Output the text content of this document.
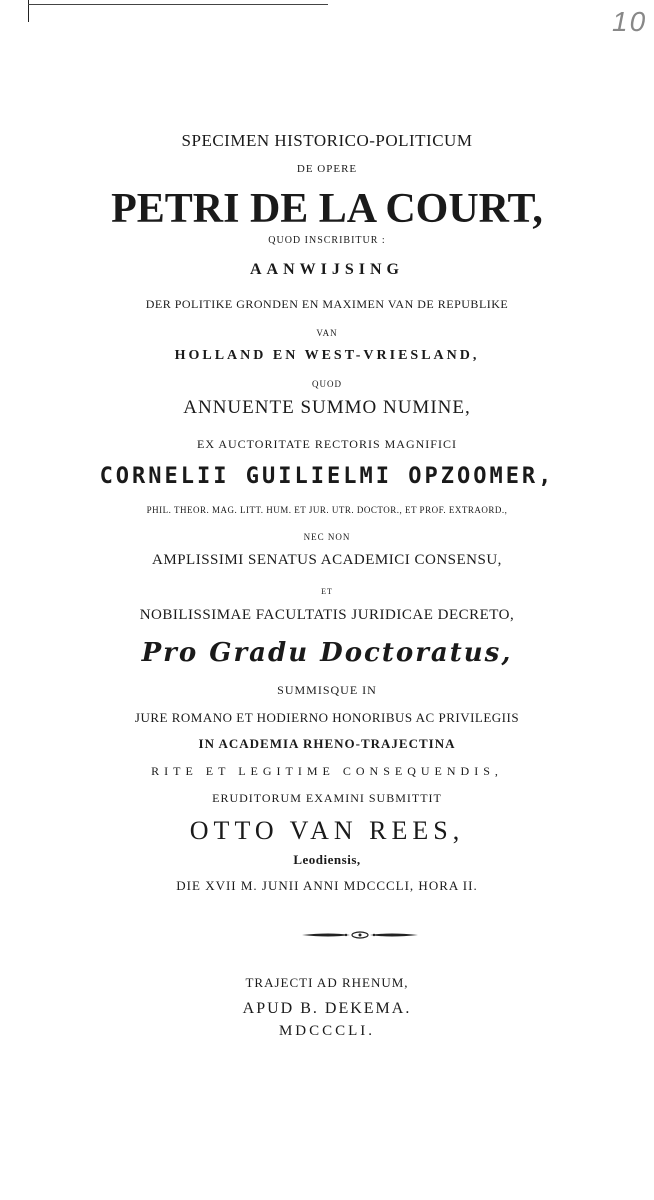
10
SPECIMEN HISTORICO-POLITICUM
DE OPERE
PETRI DE LA COURT,
QUOD INSCRIBITUR :
AANWIJSING
DER POLITIKE GRONDEN EN MAXIMEN VAN DE REPUBLIKE
VAN
HOLLAND EN WEST-VRIESLAND,
QUOD
ANNUENTE SUMMO NUMINE,
EX AUCTORITATE RECTORIS MAGNIFICI
CORNELII GUILIELMI OPZOOMER,
PHIL. THEOR. MAG. LITT. HUM. ET JUR. UTR. DOCTOR., ET PROF. EXTRAORD.,
NEC NON
AMPLISSIMI SENATUS ACADEMICI CONSENSU,
ET
NOBILISSIMAE FACULTATIS JURIDICAE DECRETO,
Pro Gradu Doctoratus,
SUMMISQUE IN
JURE ROMANO ET HODIERNO HONORIBUS AC PRIVILEGIIS
IN ACADEMIA RHENO-TRAJECTINA
RITE ET LEGITIME CONSEQUENDIS,
ERUDITORUM EXAMINI SUBMITTIT
OTTO VAN REES,
Leodiensis,
DIE XVII M. JUNII ANNI MDCCCLI, HORA II.
TRAJECTI AD RHENUM,
APUD B. DEKEMA.
MDCCCLI.
